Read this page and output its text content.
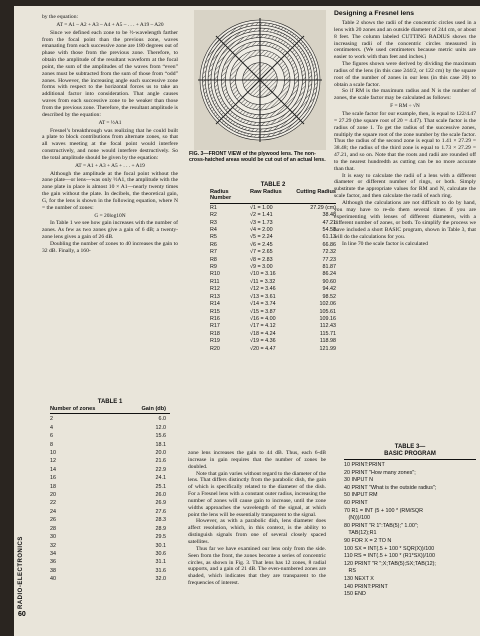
by the equation:

AT = A1 – A2 + A3 – A4 + A5 – . . . + A19 – A20

Since we defined each zone to be ½-wavelength farther from the focal point than the previous zone, waves emanating from each successive zone are 180 degrees out of phase with those from the previous zone. Therefore, to obtain the amplitude of the resultant waveform at the focal point, the sum of the amplitudes of the waves from “even” zones must be subtracted from the sum of those from “odd” zones. However, the increasing angle each successive zone forms with respect to the horizontal forces us to take an additional factor into consideration. That angle causes waves from each successive zone to be weaker than those from the previous zone. Therefore, the resultant amplitude is described by the equation:

AT = ½A1

Fresnel’s breakthrough was realizing that he could built a plate to block contributions from alternate zones, so that all waves meeting at the focal point would interfere constructively, and none would interfere destructively. So the total amplitude should be given by the equation:

AT = A1 + A3 + A5 + . . . + A19

Although the amplitude at the focal point without the zone plate—or lens—was only ½A1, the amplitude with the zone plate in place is almost 10 × A1—nearly twenty times the gain without the plate. In decibels, the theoretical gain, G, for the lens is shown in the following equation, where N = the number of zones:

G = 20log10N

In Table 1 we see how gain increases with the number of zones. As few as two zones give a gain of 6 dB; a twenty-zone lens gives a gain of 26 dB.

Doubling the number of zones to 40 increases the gain to 32 dB. Finally, a 160-

FIG. 3—FRONT VIEW of the plywood lens. The non-cross-hatched areas would be cut out of an actual lens.
TABLE 2
Radius Number
Raw Radius	Cutting Radius
R1	√1 = 1.00	27.29 (cm)
R2	√2 = 1.41	38.48
R3	√3 = 1.73	47.21
R4	√4 = 2.00	54.58
R5	√5 = 2.24	61.13
R6	√6 = 2.45	66.86
R7	√7 = 2.65	72.32
R8	√8 = 2.83	77.23
R9	√9 = 3.00	81.87
R10	√10 = 3.16	86.24
R11	√11 = 3.32	90.60
R12	√12 = 3.46	94.42
R13	√13 = 3.61	98.52
R14	√14 = 3.74	102.06
R15	√15 = 3.87	105.61
R16	√16 = 4.00	109.16
R17	√17 = 4.12	112.43
R18	√18 = 4.24	115.71
R19	√19 = 4.36	118.98
R20	√20 = 4.47	121.99
TABLE 1
Number of zones	Gain (db)
2	6.0
4	12.0
6	15.6
8	18.1
10	20.0
12	21.6
14	22.9
16	24.1
18	25.1
20	26.0
22	26.9
24	27.6
26	28.3
28	28.9
30	29.5
32	30.1
34	30.6
36	31.1
38	31.6
40	32.0

zone lens increases the gain to 44 dB. Thus, each 6-dB increase in gain requires that the number of zones be doubled.

Note that gain varies without regard to the diameter of the lens. That differs distinctly from the parabolic dish, the gain of which is specifically related to the diameter of the dish. For a Fresnel lens with a constant outer radius, increasing the number of zones will cause gain to increase, until the zone widths approaches the wavelength of the signal, at which point the lens will be essentially transparent to the signal.

However, as with a parabolic dish, lens diameter does affect resolution, which, in this context, is the ability to distinguish signals from one of several closely spaced satellites.

Thus far we have examined our lens only from the side. Seen from the front, the zones become a series of concentric circles, as shown in Fig. 3. That lens has 12 zones, 8 radial supports, and a gain of 21 dB. The even-numbered zones are shaded, which indicates that they are transparent to the frequencies of interest.

Designing a Fresnel lens

Table 2 shows the radii of the concentric circles used in a lens with 20 zones and an outside diameter of 244 cm, or about 8 feet. The column labeled CUTTING RADIUS shows the increasing radii of the concentric circles measured in centimeters. (We used centimeters because metric units are easier to work with than feet and inches.)

The figures shown were derived by dividing the maximum radius of the lens (in this case 244/2, or 122 cm) by the square root of the number of zones in our lens (in this case 20) to obtain a scale factor.

So if RM is the maximum radius and N is the number of zones, the scale factor may be calculated as follows:

F = RM ÷ √N

The scale factor for our example, then, is equal to 122/4.47 = 27.29 (the square root of 20 = 4.47). That scale factor is the radius of zone 1. To get the radius of the successive zones, multiply the square root of the zone number by the scale factor. Thus the radius of the second zone is equal to 1.41 × 27.29 = 38.48; the radius of the third zone is equal to 1.73 × 27.29 = 47.21, and so on. Note that the roots and radii are rounded off to the nearest hundredth as cutting can be no more accurate than that.

It is easy to calculate the radii of a lens with a different diameter or different number of rings, or both. Simply substitute the appropriate values for RM and N, calculate the scale factor, and then calculate the radii of each ring.

Although the calculations are not difficult to do by hand, you may have to re-do them several times if you are experimenting with lenses of different diameters, with a different number of zones, or both. To simplify the process we have included a short BASIC program, shown in Table 3, that will do the calculations for you.

In line 70 the scale factor is calculated

TABLE 3—
BASIC PROGRAM
10 PRINT:PRINT
20 PRINT "How many zones";
30 INPUT N
40 PRINT "What is the outside radius";
50 INPUT RM
60 PRINT
70 R1 = INT (5 + 100 * (RM/SQR
(N)))/100
80 PRINT "R 1":TAB(5);" 1.00";
TAB(12);R1
90 FOR X = 2 TO N
100 SX = INT(.5 + 100 * SQR(X))/100
110 RS = INT(.5 + 100 * (R1*SX))/100
120 PRINT "R ";X;TAB(5);SX;TAB(12);
RS
130 NEXT X
140 PRINT:PRINT
150 END
RADIO-ELECTRONICS
60
